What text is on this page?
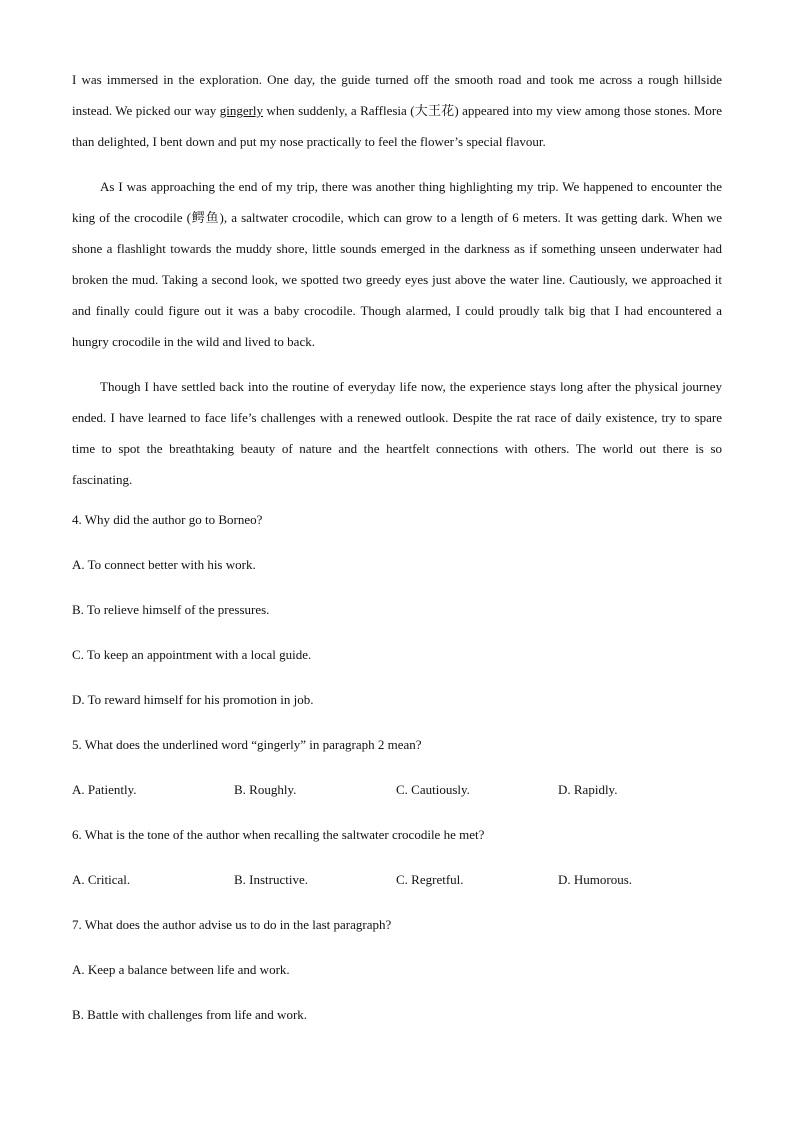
I was immersed in the exploration. One day, the guide turned off the smooth road and took me across a rough hillside instead. We picked our way gingerly when suddenly, a Rafflesia (大王花) appeared into my view among those stones. More than delighted, I bent down and put my nose practically to feel the flower’s special flavour.

As I was approaching the end of my trip, there was another thing highlighting my trip. We happened to encounter the king of the crocodile (鳄鱼), a saltwater crocodile, which can grow to a length of 6 meters. It was getting dark. When we shone a flashlight towards the muddy shore, little sounds emerged in the darkness as if something unseen underwater had broken the mud. Taking a second look, we spotted two greedy eyes just above the water line. Cautiously, we approached it and finally could figure out it was a baby crocodile. Though alarmed, I could proudly talk big that I had encountered a hungry crocodile in the wild and lived to back.

Though I have settled back into the routine of everyday life now, the experience stays long after the physical journey ended. I have learned to face life’s challenges with a renewed outlook. Despite the rat race of daily existence, try to spare time to spot the breathtaking beauty of nature and the heartfelt connections with others. The world out there is so fascinating.

4. Why did the author go to Borneo?

A. To connect better with his work.

B. To relieve himself of the pressures.

C. To keep an appointment with a local guide.

D. To reward himself for his promotion in job.

5. What does the underlined word “gingerly” in paragraph 2 mean?

A. Patiently.	B. Roughly.	C. Cautiously.	D. Rapidly.

6. What is the tone of the author when recalling the saltwater crocodile he met?

A. Critical.	B. Instructive.	C. Regretful.	D. Humorous.

7. What does the author advise us to do in the last paragraph?

A. Keep a balance between life and work.

B. Battle with challenges from life and work.
